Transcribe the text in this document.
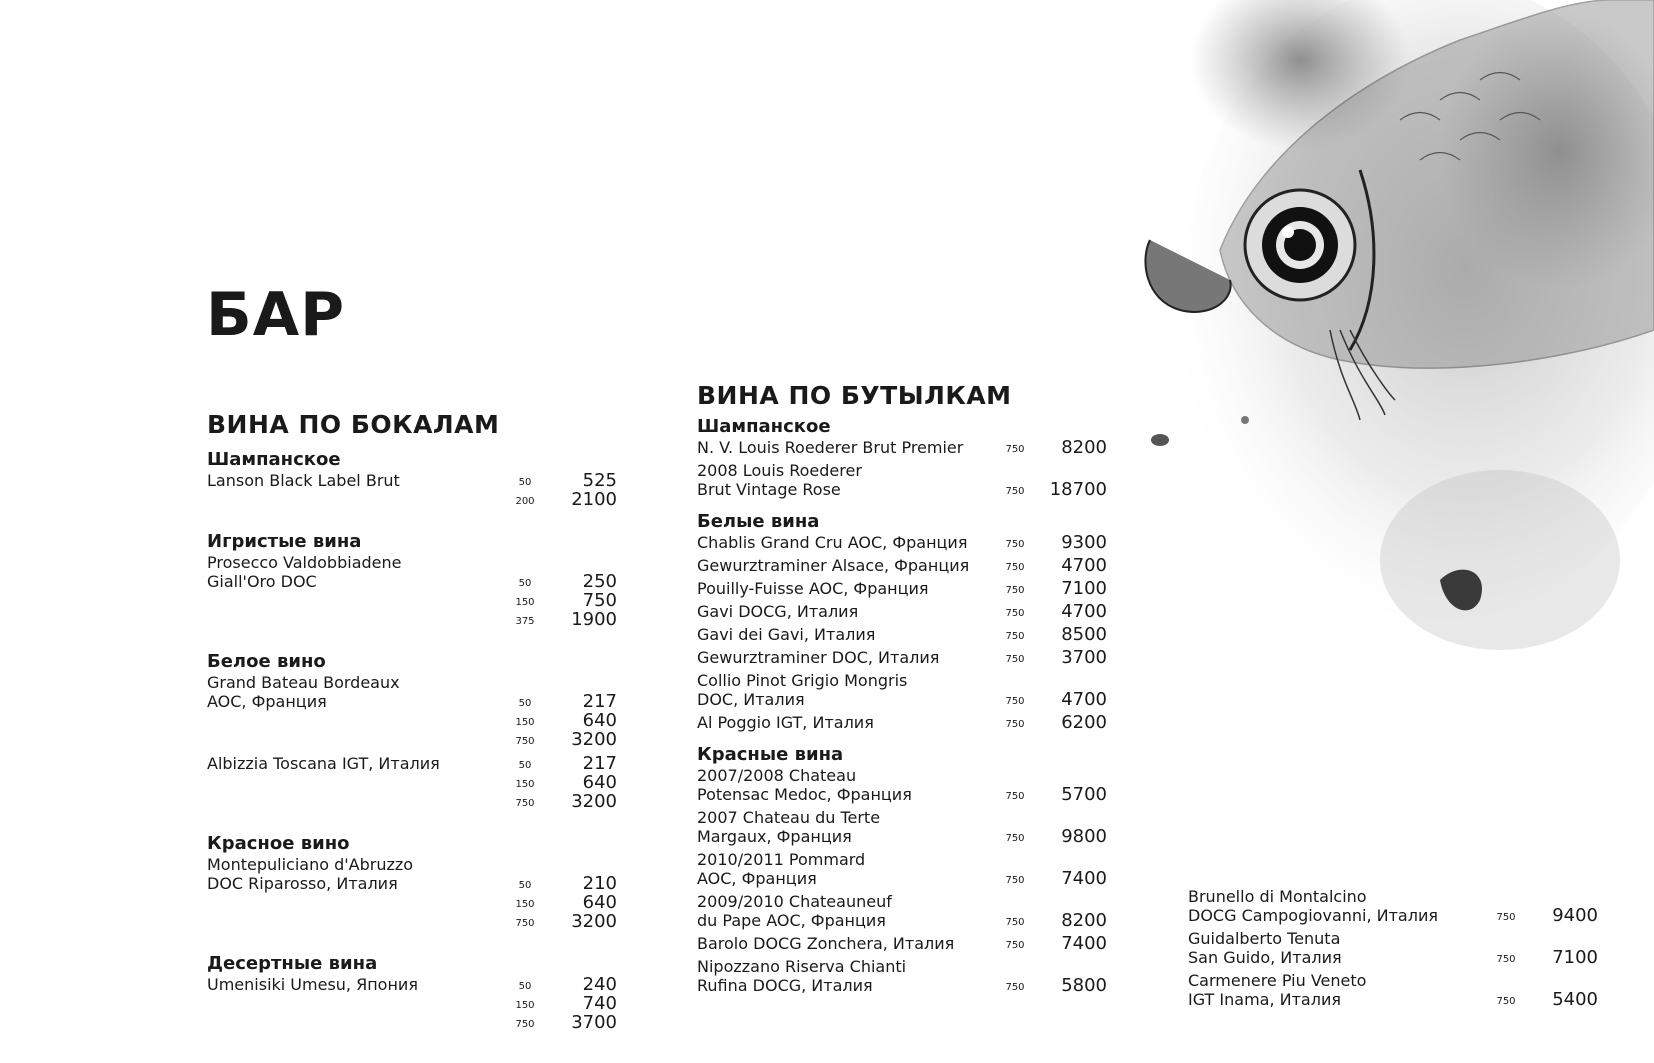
БАР
ВИНА ПО БОКАЛАМ
Шампанское
Lanson Black Label Brut	50	525
200	2100
Игристые вина
Prosecco Valdobbiadene
Giall'Oro DOC	50	250
150	750
375	1900
Белое вино
Grand Bateau Bordeaux
AOC, Франция	50	217
150	640
750	3200
Albizzia Toscana IGT, Италия	50	217
150	640
750	3200
Красное вино
Montepuliciano d'Abruzzo
DOC Riparosso, Италия	50	210
150	640
750	3200
Десертные вина
Umenisiki Umesu, Япония	50	240
150	740
750	3700
ВИНА ПО БУТЫЛКАМ
Шампанское
N. V. Louis Roederer Brut Premier	750	8200
2008 Louis Roederer
Brut Vintage Rose	750	18700
Белые вина
Chablis Grand Cru AOC, Франция	750	9300
Gewurztraminer Alsace, Франция	750	4700
Pouilly-Fuisse AOC, Франция	750	7100
Gavi DOCG, Италия	750	4700
Gavi dei Gavi, Италия	750	8500
Gewurztraminer DOC, Италия	750	3700
Collio Pinot Grigio Mongris
DOC, Италия	750	4700
Al Poggio IGT, Италия	750	6200
Красные вина
2007/2008 Chateau
Potensac Medoc, Франция	750	5700
2007 Chateau du Terte
Margaux, Франция	750	9800
2010/2011 Pommard
AOC, Франция	750	7400
2009/2010 Chateauneuf
du Pape AOC, Франция	750	8200
Barolo DOCG Zonchera, Италия	750	7400
Nipozzano Riserva Chianti
Rufina DOCG, Италия	750	5800
Brunello di Montalcino
DOCG Campogiovanni, Италия	750	9400
Guidalberto Tenuta
San Guido, Италия	750	7100
Carmenere Piu Veneto
IGT Inama, Италия	750	5400
